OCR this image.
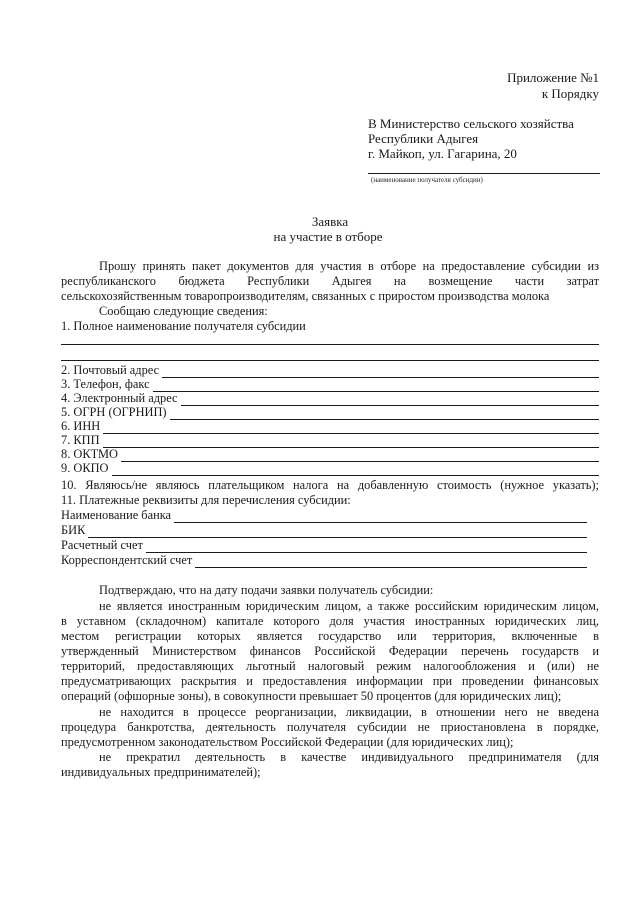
Приложение №1
к Порядку
В Министерство сельского хозяйства
Республики Адыгея
г. Майкоп, ул. Гагарина, 20
(наименование получателя субсидии)
Заявка
на участие в отборе
Прошу принять пакет документов для участия в отборе на предоставление субсидии из
республиканского бюджета Республики Адыгея на возмещение части затрат
сельскохозяйственным товаропроизводителям, связанных с приростом производства молока
Сообщаю следующие сведения:
1. Полное наименование получателя субсидии
2. Почтовый адрес
3. Телефон, факс
4. Электронный адрес
5. ОГРН (ОГРНИП)
6. ИНН
7. КПП
8. ОКТМО
9. ОКПО
10. Являюсь/не являюсь плательщиком налога на добавленную стоимость (нужное указать);
11. Платежные реквизиты для перечисления субсидии:
Наименование банка
БИК
Расчетный счет
Корреспондентский счет
Подтверждаю, что на дату подачи заявки получатель субсидии:
не является иностранным юридическим лицом, а также российским юридическим лицом,
в уставном (складочном) капитале которого доля участия иностранных юридических лиц,
местом регистрации которых является государство или территория, включенные в
утвержденный Министерством финансов Российской Федерации перечень государств и
территорий, предоставляющих льготный налоговый режим налогообложения и (или) не
предусматривающих раскрытия и предоставления информации при проведении финансовых
операций (офшорные зоны), в совокупности превышает 50 процентов (для юридических лиц);
не находится в процессе реорганизации, ликвидации, в отношении него не введена
процедура банкротства, деятельность получателя субсидии не приостановлена в порядке,
предусмотренном законодательством Российской Федерации (для юридических лиц);
не прекратил деятельность в качестве индивидуального предпринимателя (для
индивидуальных предпринимателей);
